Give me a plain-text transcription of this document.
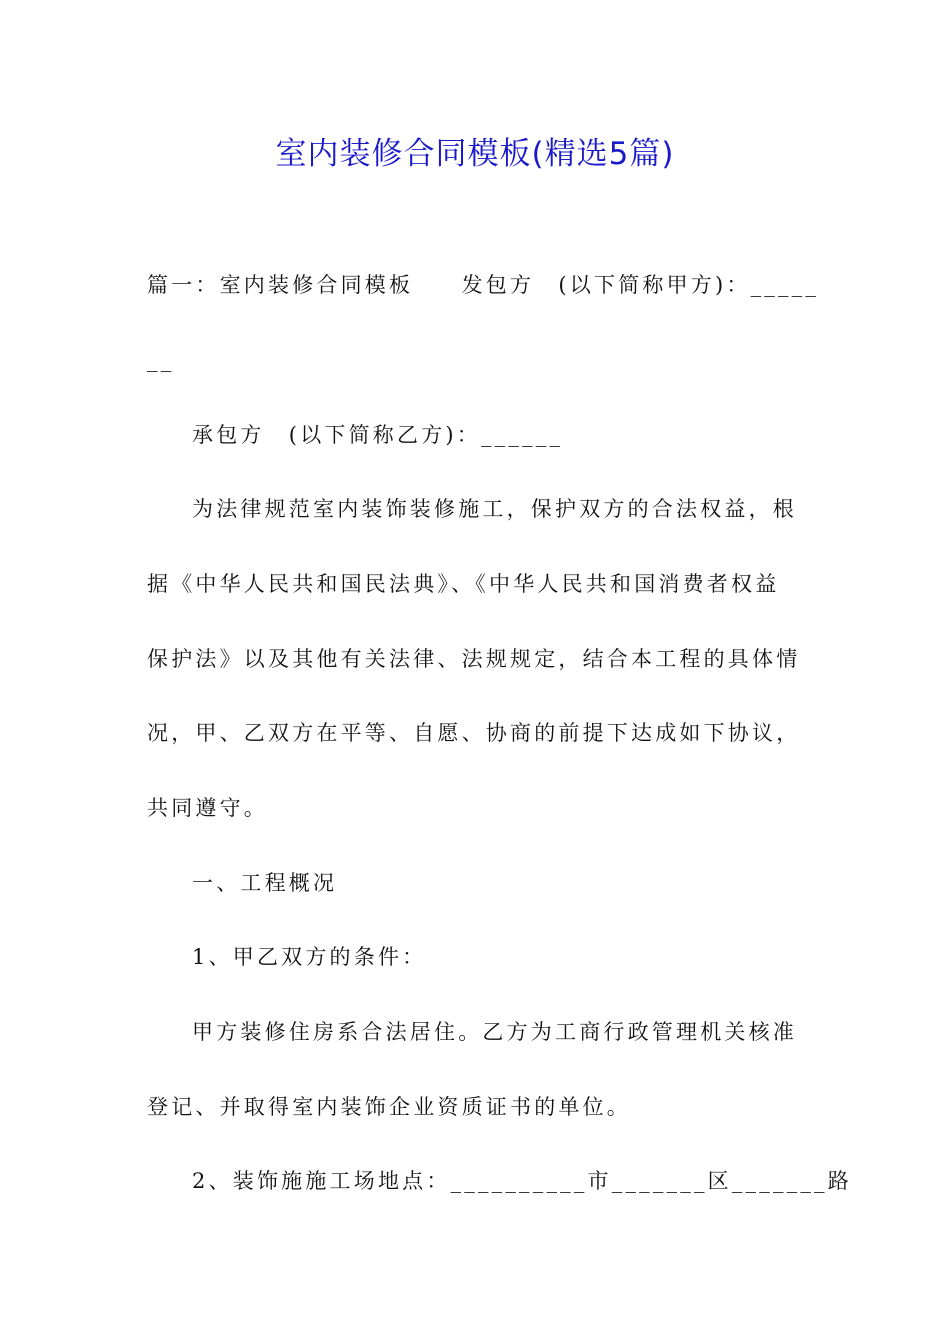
室内装修合同模板(精选5篇)
篇一：室内装修合同模板　　发包方　(以下简称甲方)：_____
__
承包方　(以下简称乙方)：______
为法律规范室内装饰装修施工，保护双方的合法权益，根
据《中华人民共和国民法典》、《中华人民共和国消费者权益
保护法》以及其他有关法律、法规规定，结合本工程的具体情
况，甲、乙双方在平等、自愿、协商的前提下达成如下协议，
共同遵守。
一、工程概况
1、甲乙双方的条件：
甲方装修住房系合法居住。乙方为工商行政管理机关核准
登记、并取得室内装饰企业资质证书的单位。
2、装饰施施工场地点：__________市_______区_______路
